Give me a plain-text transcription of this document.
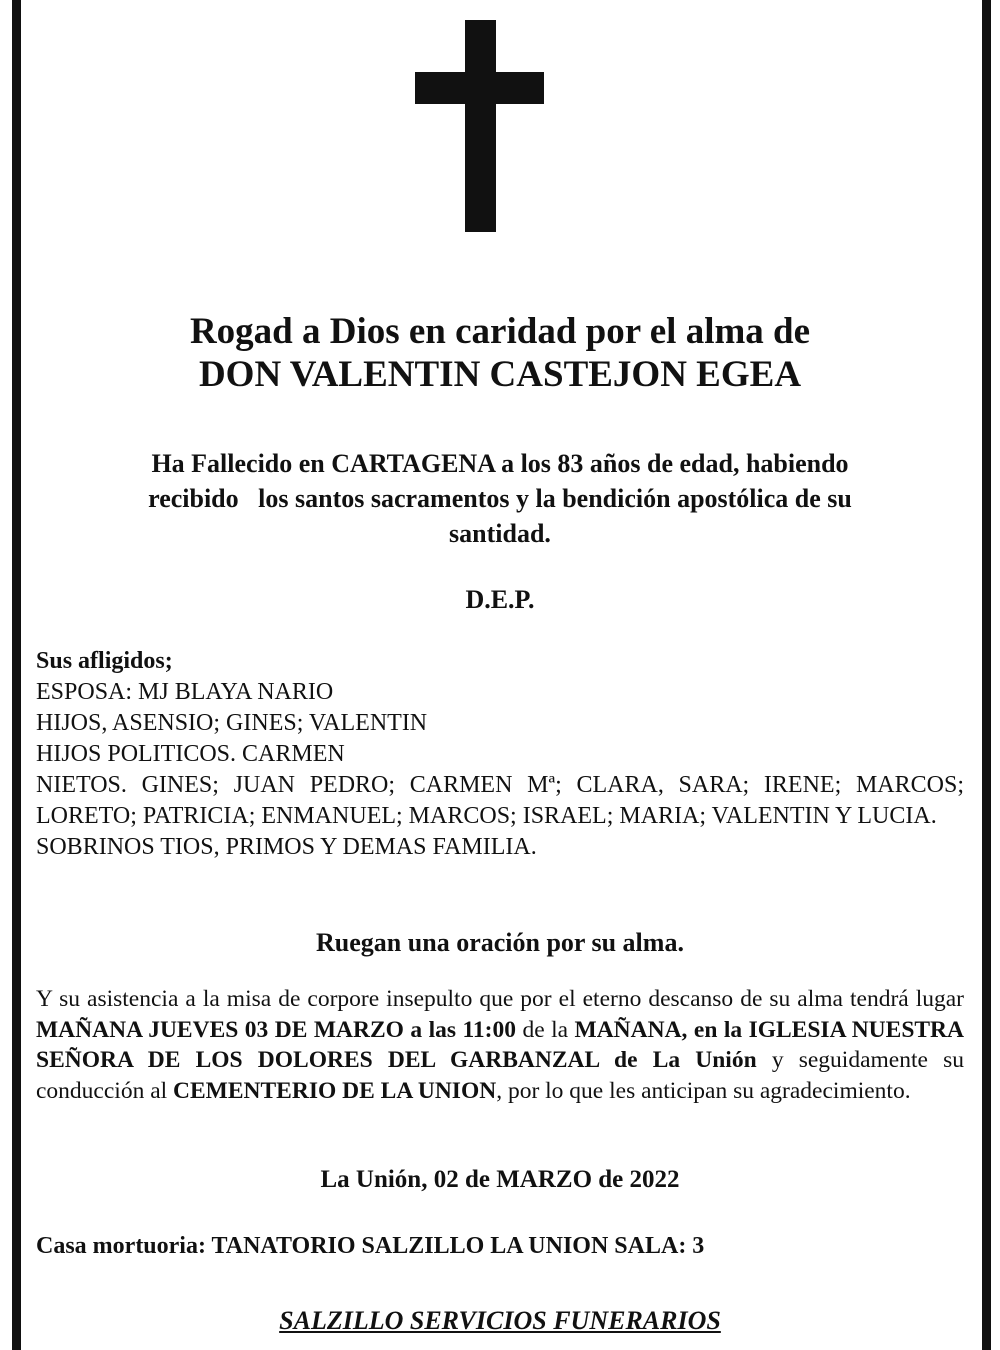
Rogad a Dios en caridad por el alma de
DON VALENTIN CASTEJON EGEA
Ha Fallecido en CARTAGENA a los 83 años de edad, habiendo
recibido   los santos sacramentos y la bendición apostólica de su
santidad.
D.E.P.
Sus afligidos;
ESPOSA: MJ BLAYA NARIO
HIJOS, ASENSIO; GINES; VALENTIN
HIJOS POLITICOS. CARMEN
NIETOS. GINES; JUAN PEDRO; CARMEN Mª; CLARA, SARA; IRENE; MARCOS; LORETO; PATRICIA; ENMANUEL; MARCOS; ISRAEL; MARIA; VALENTIN Y LUCIA.
SOBRINOS TIOS, PRIMOS Y DEMAS FAMILIA.
Ruegan una oración por su alma.
Y su asistencia a la misa de corpore insepulto que por el eterno descanso de su alma tendrá lugar MAÑANA JUEVES 03 DE MARZO a las 11:00 de la MAÑANA, en la IGLESIA NUESTRA SEÑORA DE LOS DOLORES DEL GARBANZAL de La Unión y seguidamente su conducción al CEMENTERIO DE LA UNION, por lo que les anticipan su agradecimiento.
La Unión, 02 de MARZO de 2022
Casa mortuoria: TANATORIO SALZILLO LA UNION SALA: 3
SALZILLO SERVICIOS FUNERARIOS
